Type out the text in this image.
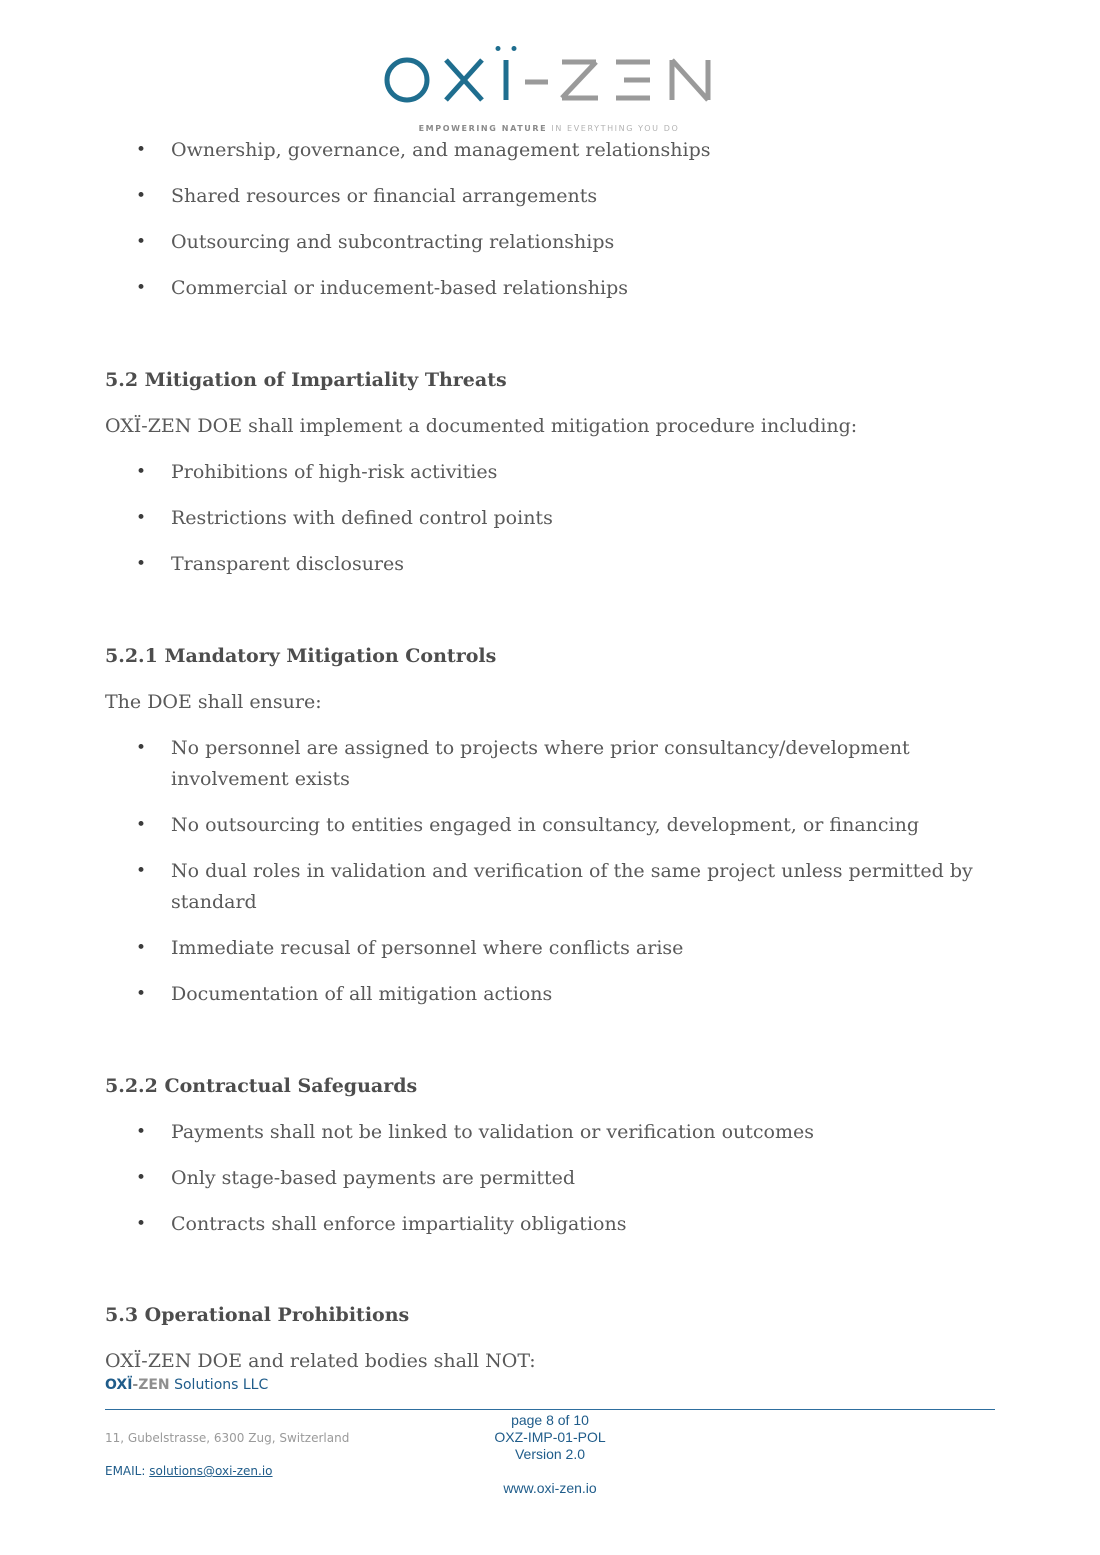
EMPOWERING NATURE IN EVERYTHING YOU DO
• Ownership, governance, and management relationships
• Shared resources or financial arrangements
• Outsourcing and subcontracting relationships
• Commercial or inducement-based relationships
5.2 Mitigation of Impartiality Threats
OXÏ-ZEN DOE shall implement a documented mitigation procedure including:
• Prohibitions of high-risk activities
• Restrictions with defined control points
• Transparent disclosures
5.2.1 Mandatory Mitigation Controls
The DOE shall ensure:
• No personnel are assigned to projects where prior consultancy/development involvement exists
• No outsourcing to entities engaged in consultancy, development, or financing
• No dual roles in validation and verification of the same project unless permitted by standard
• Immediate recusal of personnel where conflicts arise
• Documentation of all mitigation actions
5.2.2 Contractual Safeguards
• Payments shall not be linked to validation or verification outcomes
• Only stage-based payments are permitted
• Contracts shall enforce impartiality obligations
5.3 Operational Prohibitions
OXÏ-ZEN DOE and related bodies shall NOT:
OXÏ-ZEN Solutions LLC
11, Gubelstrasse, 6300 Zug, Switzerland
EMAIL: solutions@oxi-zen.io
page 8 of 10
OXZ-IMP-01-POL
Version 2.0
www.oxi-zen.io
